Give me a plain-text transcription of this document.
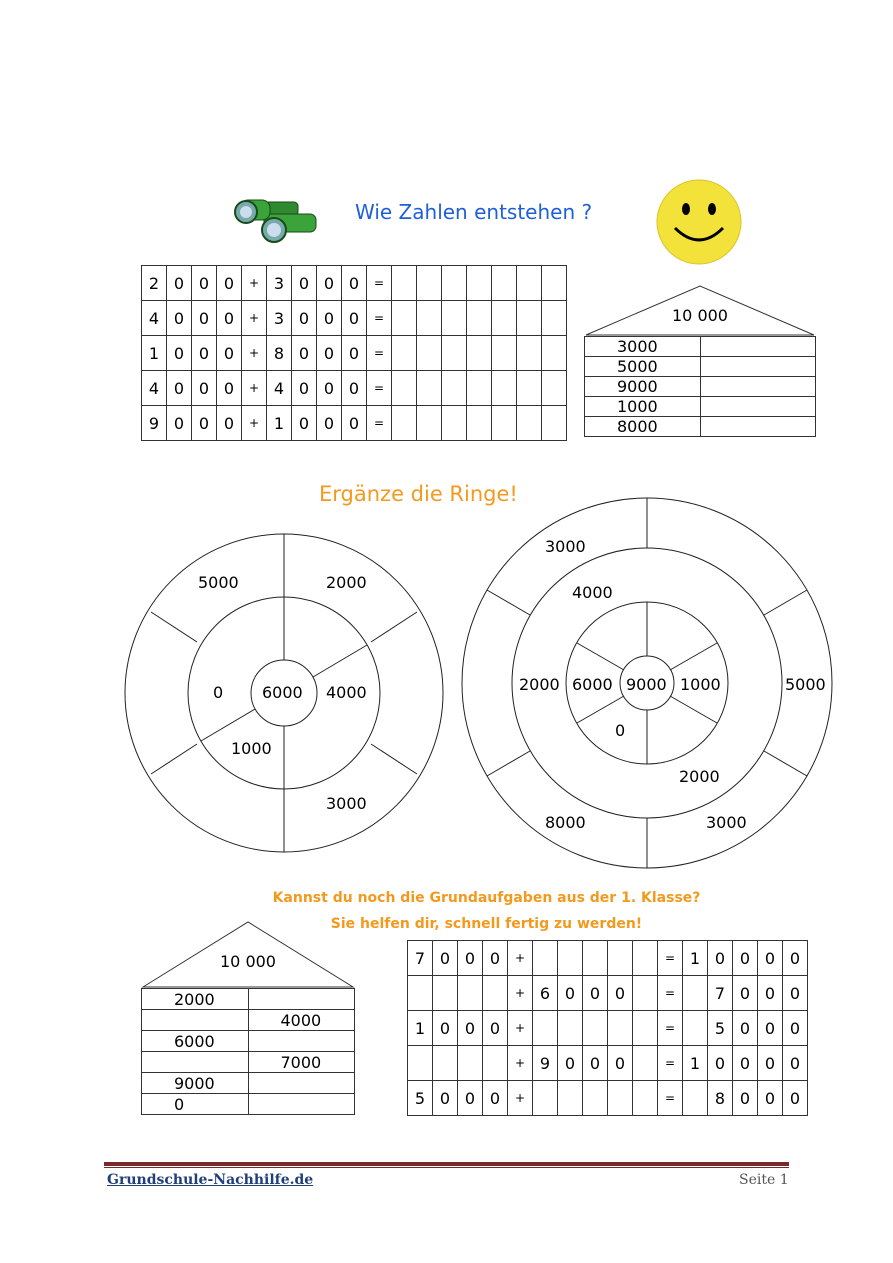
Wie Zahlen entstehen ?
2	0	0	0	+	3	0	0	0	=							
4	0	0	0	+	3	0	0	0	=							
1	0	0	0	+	8	0	0	0	=							
4	0	0	0	+	4	0	0	0	=							
9	0	0	0	+	1	0	0	0	=							
10 000
3000	
5000	
9000	
1000	
8000	
Ergänze die Ringe!
6000
5000	2000
0	4000
1000
3000
3000
4000
2000 6000 9000 1000	5000
0
2000
8000	3000
Kannst du noch die Grundaufgaben aus der 1. Klasse?
Sie helfen dir, schnell fertig zu werden!
10 000
2000	
	4000
6000	
	7000
9000	
0	
7	0	0	0	+						=	1	0	0	0	0
				+	6	0	0	0		=		7	0	0	0
1	0	0	0	+						=		5	0	0	0
				+	9	0	0	0		=	1	0	0	0	0
5	0	0	0	+						=		8	0	0	0
Grundschule-Nachhilfe.de	Seite 1
